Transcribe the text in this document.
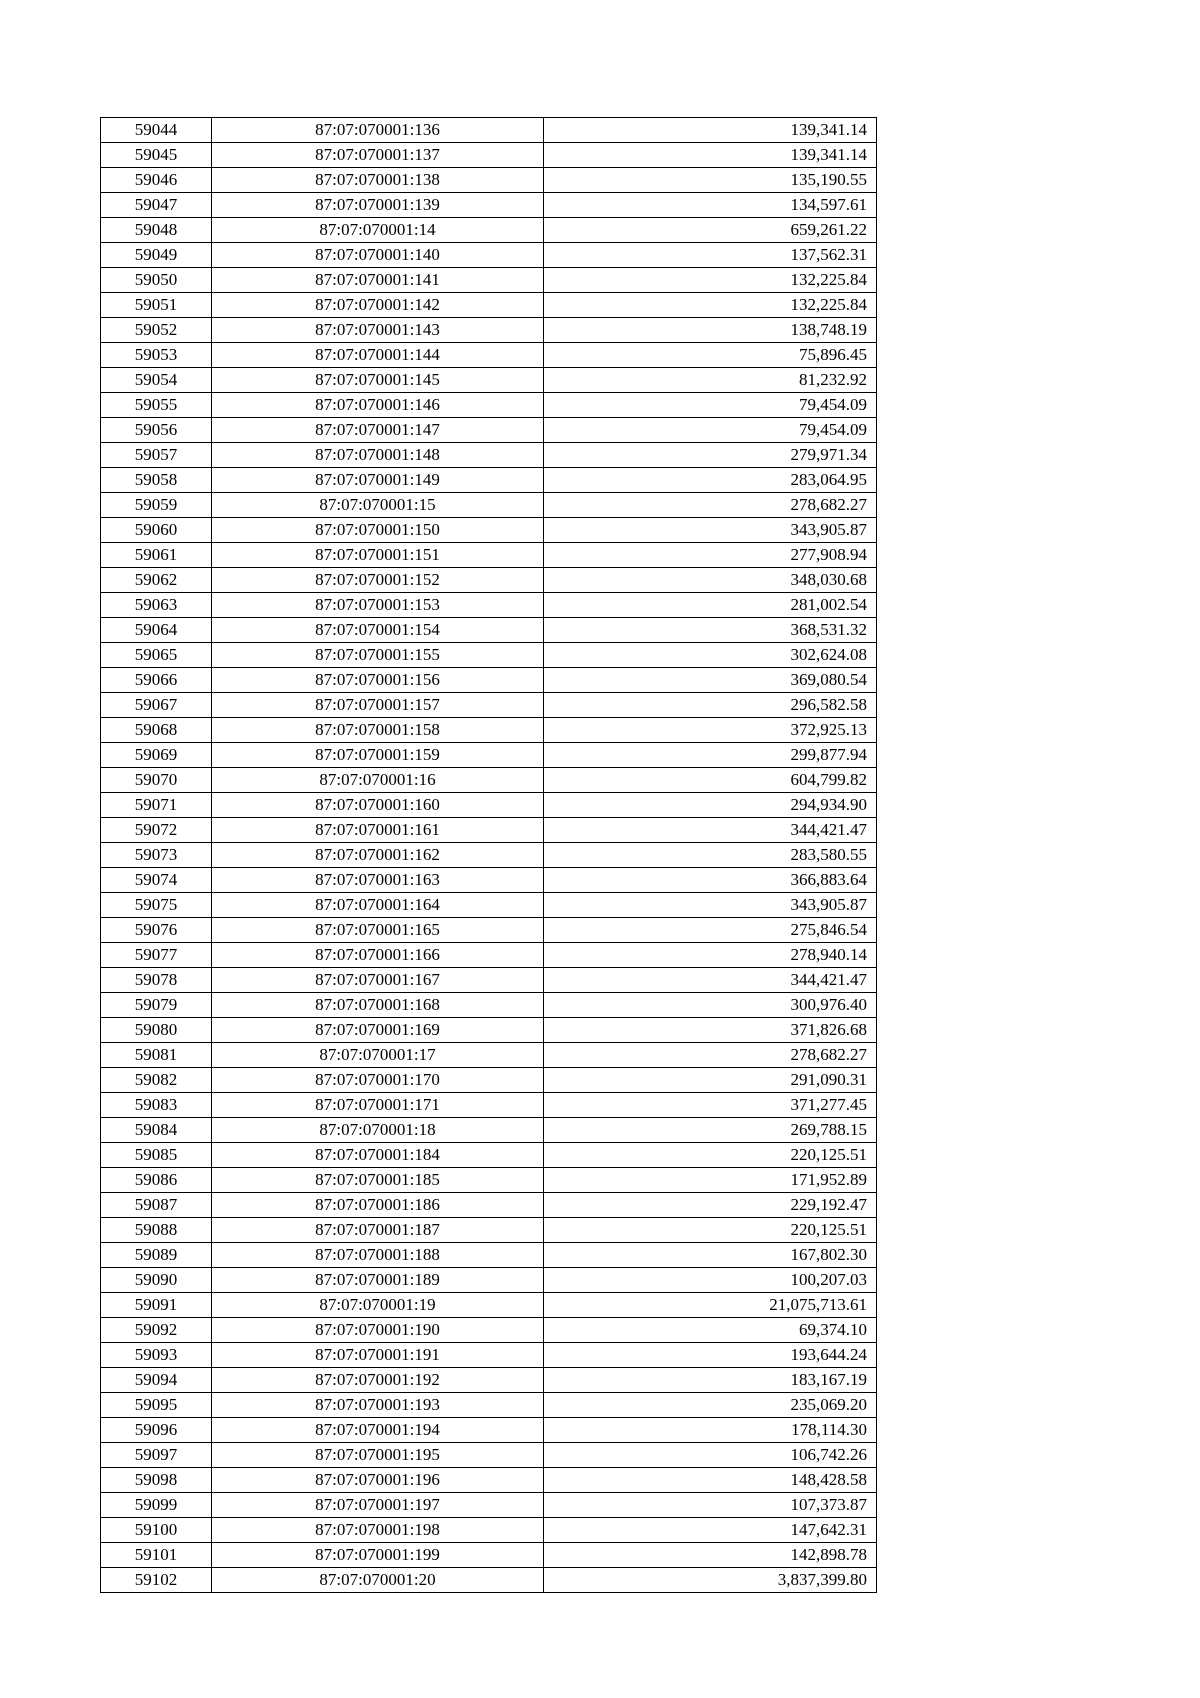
59044	87:07:070001:136	139,341.14
59045	87:07:070001:137	139,341.14
59046	87:07:070001:138	135,190.55
59047	87:07:070001:139	134,597.61
59048	87:07:070001:14	659,261.22
59049	87:07:070001:140	137,562.31
59050	87:07:070001:141	132,225.84
59051	87:07:070001:142	132,225.84
59052	87:07:070001:143	138,748.19
59053	87:07:070001:144	75,896.45
59054	87:07:070001:145	81,232.92
59055	87:07:070001:146	79,454.09
59056	87:07:070001:147	79,454.09
59057	87:07:070001:148	279,971.34
59058	87:07:070001:149	283,064.95
59059	87:07:070001:15	278,682.27
59060	87:07:070001:150	343,905.87
59061	87:07:070001:151	277,908.94
59062	87:07:070001:152	348,030.68
59063	87:07:070001:153	281,002.54
59064	87:07:070001:154	368,531.32
59065	87:07:070001:155	302,624.08
59066	87:07:070001:156	369,080.54
59067	87:07:070001:157	296,582.58
59068	87:07:070001:158	372,925.13
59069	87:07:070001:159	299,877.94
59070	87:07:070001:16	604,799.82
59071	87:07:070001:160	294,934.90
59072	87:07:070001:161	344,421.47
59073	87:07:070001:162	283,580.55
59074	87:07:070001:163	366,883.64
59075	87:07:070001:164	343,905.87
59076	87:07:070001:165	275,846.54
59077	87:07:070001:166	278,940.14
59078	87:07:070001:167	344,421.47
59079	87:07:070001:168	300,976.40
59080	87:07:070001:169	371,826.68
59081	87:07:070001:17	278,682.27
59082	87:07:070001:170	291,090.31
59083	87:07:070001:171	371,277.45
59084	87:07:070001:18	269,788.15
59085	87:07:070001:184	220,125.51
59086	87:07:070001:185	171,952.89
59087	87:07:070001:186	229,192.47
59088	87:07:070001:187	220,125.51
59089	87:07:070001:188	167,802.30
59090	87:07:070001:189	100,207.03
59091	87:07:070001:19	21,075,713.61
59092	87:07:070001:190	69,374.10
59093	87:07:070001:191	193,644.24
59094	87:07:070001:192	183,167.19
59095	87:07:070001:193	235,069.20
59096	87:07:070001:194	178,114.30
59097	87:07:070001:195	106,742.26
59098	87:07:070001:196	148,428.58
59099	87:07:070001:197	107,373.87
59100	87:07:070001:198	147,642.31
59101	87:07:070001:199	142,898.78
59102	87:07:070001:20	3,837,399.80
